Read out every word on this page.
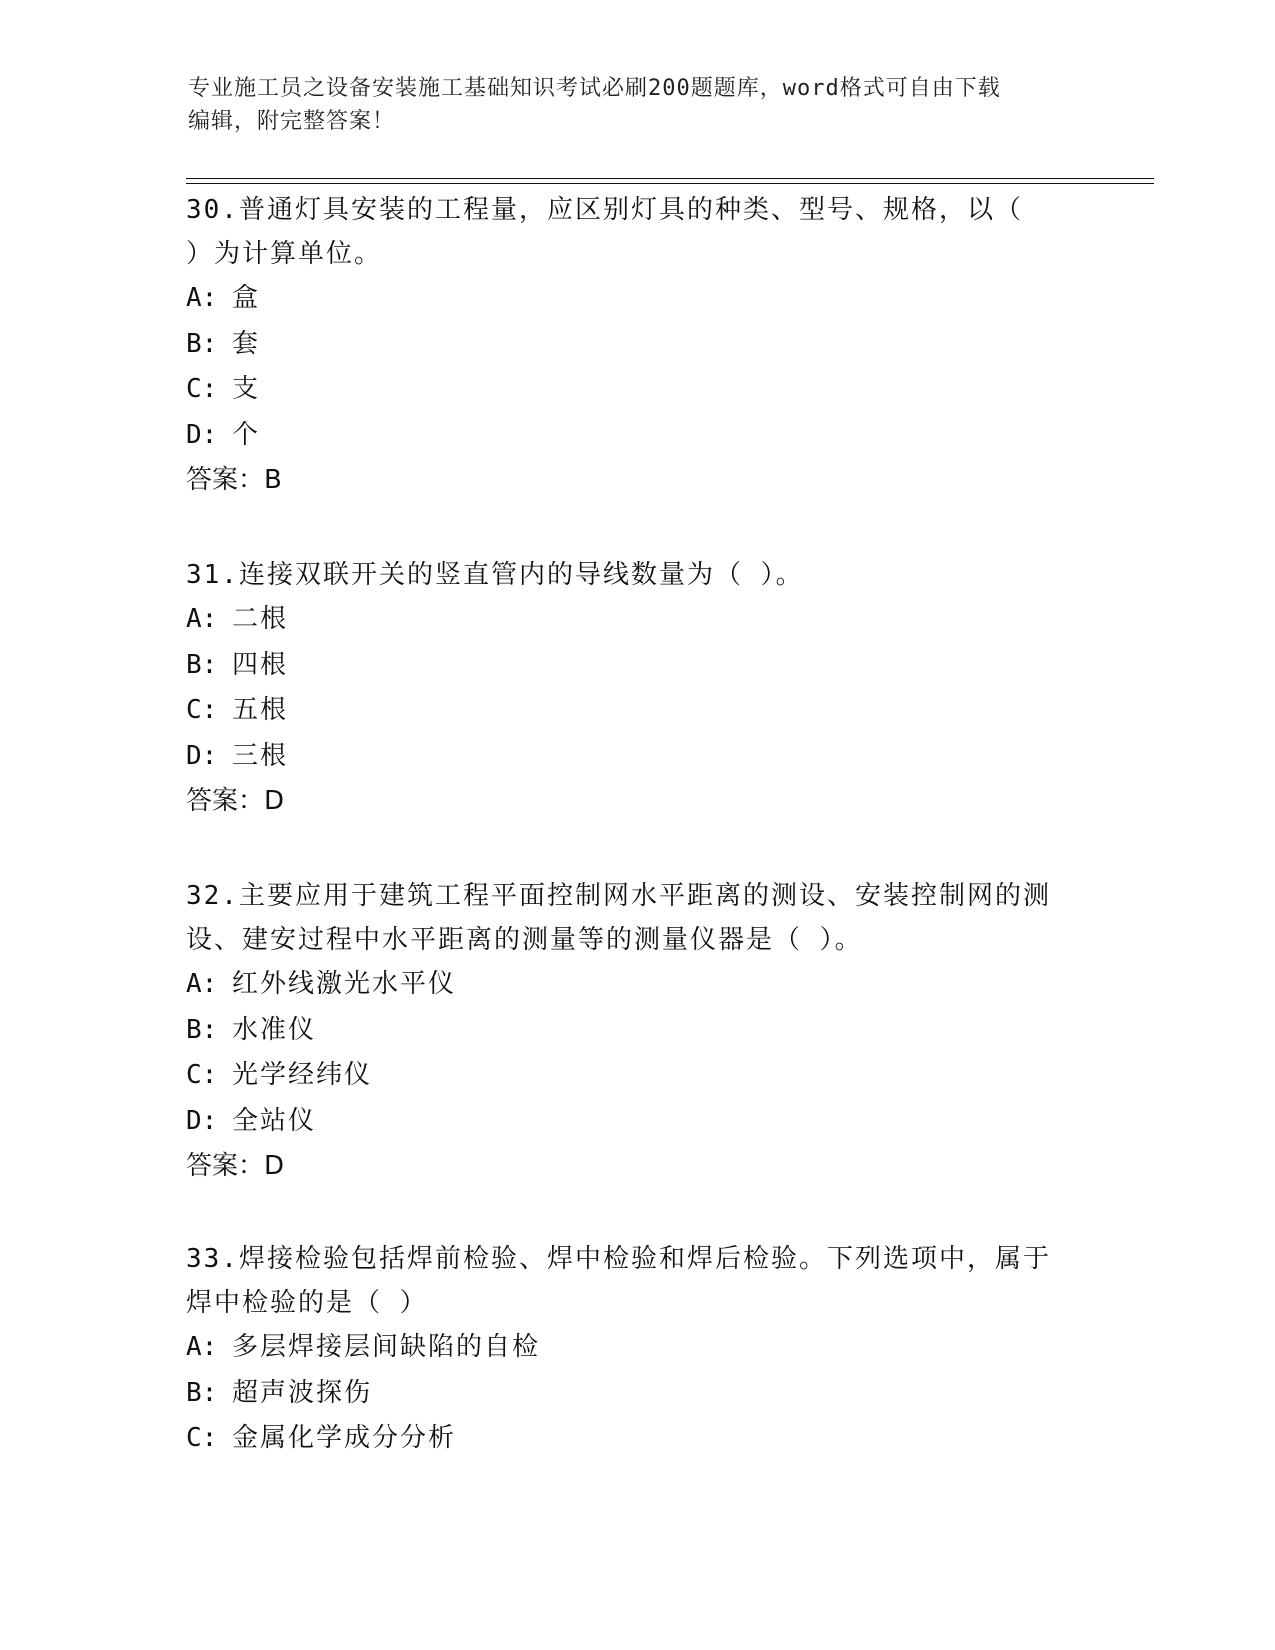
专业施工员之设备安装施工基础知识考试必刷200题题库，word格式可自由下载
编辑，附完整答案！

30.普通灯具安装的工程量，应区别灯具的种类、型号、规格，以（

）为计算单位。

A: 盒

B: 套

C: 支

D: 个

答案：B

31.连接双联开关的竖直管内的导线数量为（ ）。

A: 二根

B: 四根

C: 五根

D: 三根

答案：D

32.主要应用于建筑工程平面控制网水平距离的测设、安装控制网的测

设、建安过程中水平距离的测量等的测量仪器是（ ）。

A: 红外线激光水平仪

B: 水准仪

C: 光学经纬仪

D: 全站仪

答案：D

33.焊接检验包括焊前检验、焊中检验和焊后检验。下列选项中，属于

焊中检验的是（ ）

A: 多层焊接层间缺陷的自检

B: 超声波探伤

C: 金属化学成分分析
